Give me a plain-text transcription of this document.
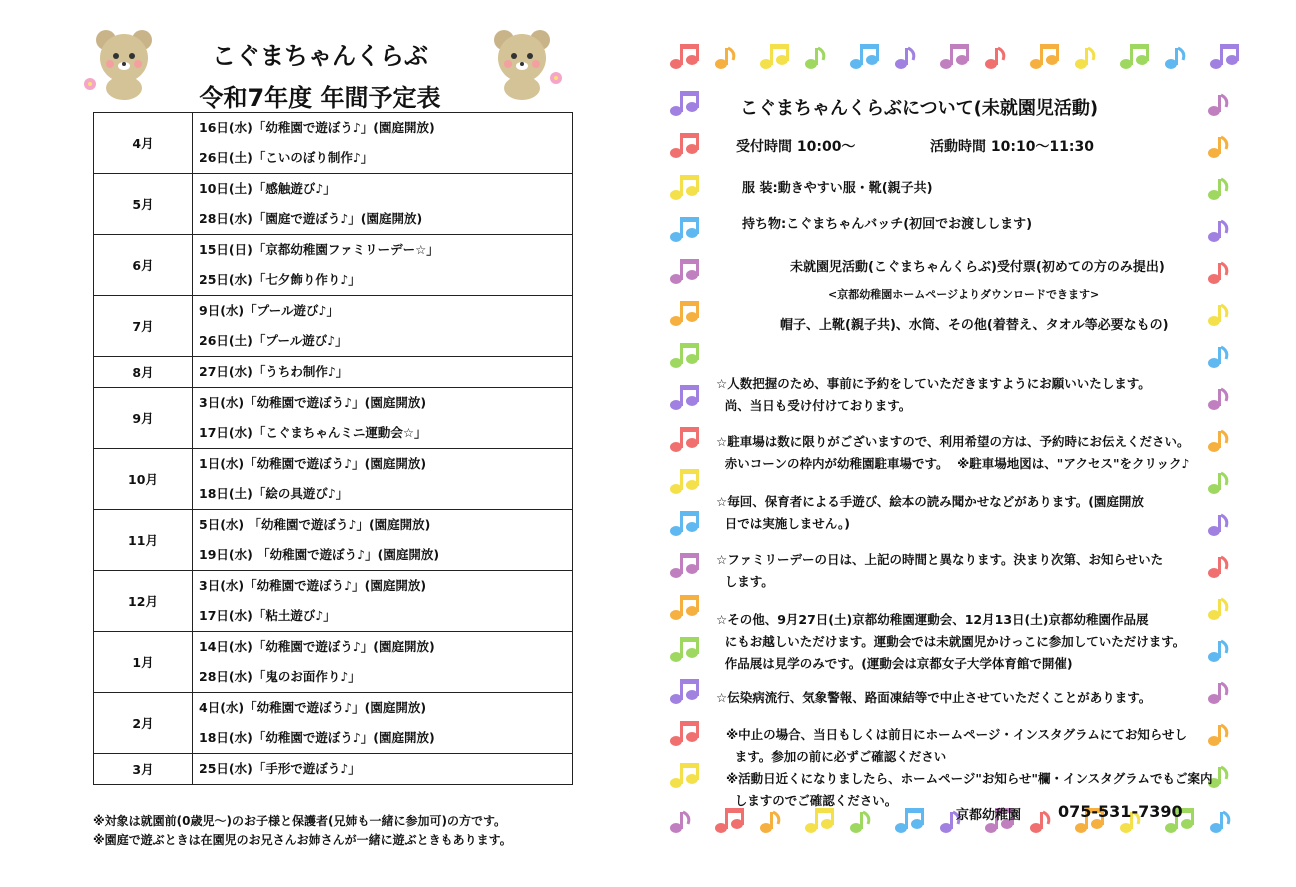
こぐまちゃんくらぶ
令和7年度 年間予定表
4月	16日(水)「幼稚園で遊ぼう♪」(園庭開放)
26日(土)「こいのぼり制作♪」

5月	10日(土)「感触遊び♪」
28日(水)「園庭で遊ぼう♪」(園庭開放)

6月	15日(日)「京都幼稚園ファミリーデー☆」
25日(水)「七夕飾り作り♪」

7月	9日(水)「プール遊び♪」
26日(土)「プール遊び♪」

8月	27日(水)「うちわ制作♪」

9月	3日(水)「幼稚園で遊ぼう♪」(園庭開放)
17日(水)「こぐまちゃんミニ運動会☆」

10月	1日(水)「幼稚園で遊ぼう♪」(園庭開放)
18日(土)「絵の具遊び♪」

11月	5日(水) 「幼稚園で遊ぼう♪」(園庭開放)
19日(水) 「幼稚園で遊ぼう♪」(園庭開放)

12月	3日(水)「幼稚園で遊ぼう♪」(園庭開放)
17日(水)「粘土遊び♪」

1月	14日(水)「幼稚園で遊ぼう♪」(園庭開放)
28日(水)「鬼のお面作り♪」

2月	4日(水)「幼稚園で遊ぼう♪」(園庭開放)
18日(水)「幼稚園で遊ぼう♪」(園庭開放)

3月	25日(水)「手形で遊ぼう♪」
※対象は就園前(0歳児～)のお子様と保護者(兄姉も一緒に参加可)の方です。
※園庭で遊ぶときは在園児のお兄さんお姉さんが一緒に遊ぶときもあります。
こぐまちゃんくらぶについて(未就園児活動)
受付時間 10:00～	活動時間 10:10～11:30
服 装:動きやすい服・靴(親子共)
持ち物:こぐまちゃんバッチ(初回でお渡しします)
未就園児活動(こぐまちゃんくらぶ)受付票(初めての方のみ提出)
<京都幼稚園ホームページよりダウンロードできます>
帽子、上靴(親子共)、水筒、その他(着替え、タオル等必要なもの)
☆人数把握のため、事前に予約をしていただきますようにお願いいたします。
尚、当日も受け付けております。
☆駐車場は数に限りがございますので、利用希望の方は、予約時にお伝えください。
赤いコーンの枠内が幼稚園駐車場です。  ※駐車場地図は、"アクセス"をクリック♪
☆毎回、保育者による手遊び、絵本の読み聞かせなどがあります。(園庭開放
日では実施しません。)
☆ファミリーデーの日は、上記の時間と異なります。決まり次第、お知らせいた
します。
☆その他、9月27日(土)京都幼稚園運動会、12月13日(土)京都幼稚園作品展
にもお越しいただけます。運動会では未就園児かけっこに参加していただけます。
作品展は見学のみです。(運動会は京都女子大学体育館で開催)
☆伝染病流行、気象警報、路面凍結等で中止させていただくことがあります。
※中止の場合、当日もしくは前日にホームページ・インスタグラムにてお知らせし
ます。参加の前に必ずご確認ください
※活動日近くになりましたら、ホームページ"お知らせ"欄・インスタグラムでもご案内
しますのでご確認ください。
京都幼稚園 075-531-7390
